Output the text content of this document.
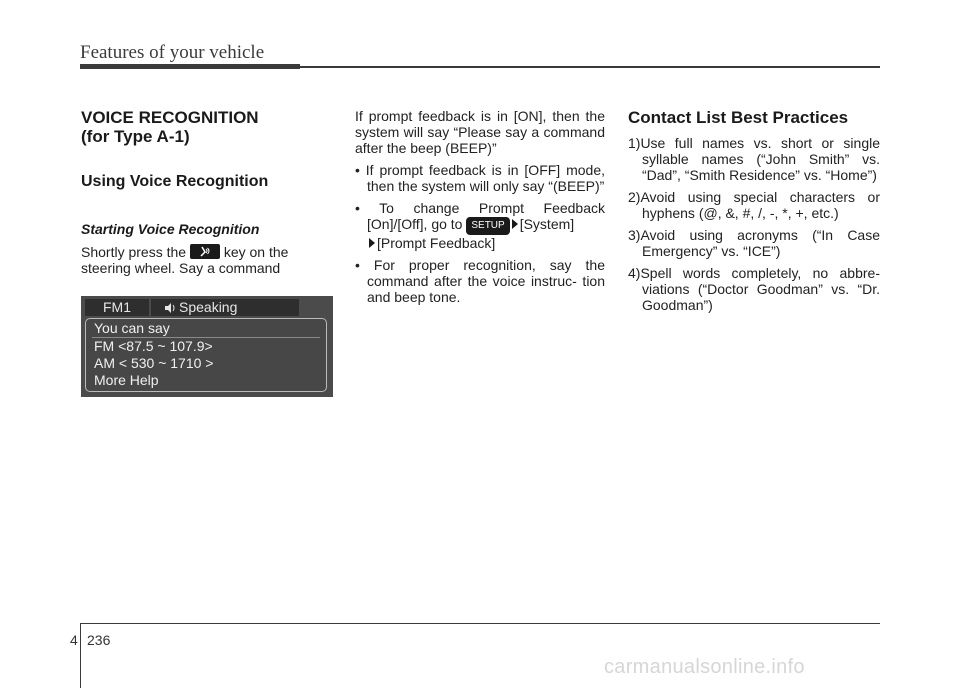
Features of your vehicle

VOICE RECOGNITION

(for Type A-1)

Using Voice Recognition

Starting Voice Recognition

Shortly press the	key on the
steering wheel. Say a command

FM1	Speaking
You can say
FM <87.5 ~ 107.9>
AM < 530 ~ 1710 >
More Help

If prompt feedback is in [ON], then the system will say “Please say a command after the beep (BEEP)”

• If prompt feedback is in [OFF] mode, then the system will only say “(BEEP)”

• To change Prompt Feedback [On]/[Off], go to SETUP [System]
[Prompt Feedback]

• For proper recognition, say the command after the voice instruc- tion and beep tone.

Contact List Best Practices

1)Use full names vs. short or single syllable names (“John Smith” vs. “Dad”, “Smith Residence” vs. “Home”)

2)Avoid using special characters or hyphens (@, &, #, /, -, *, +, etc.)

3)Avoid using acronyms (“In Case Emergency” vs. “ICE”)

4)Spell words completely, no abbre- viations (“Doctor Goodman” vs. “Dr. Goodman”)

4 236
carmanualsonline.info
